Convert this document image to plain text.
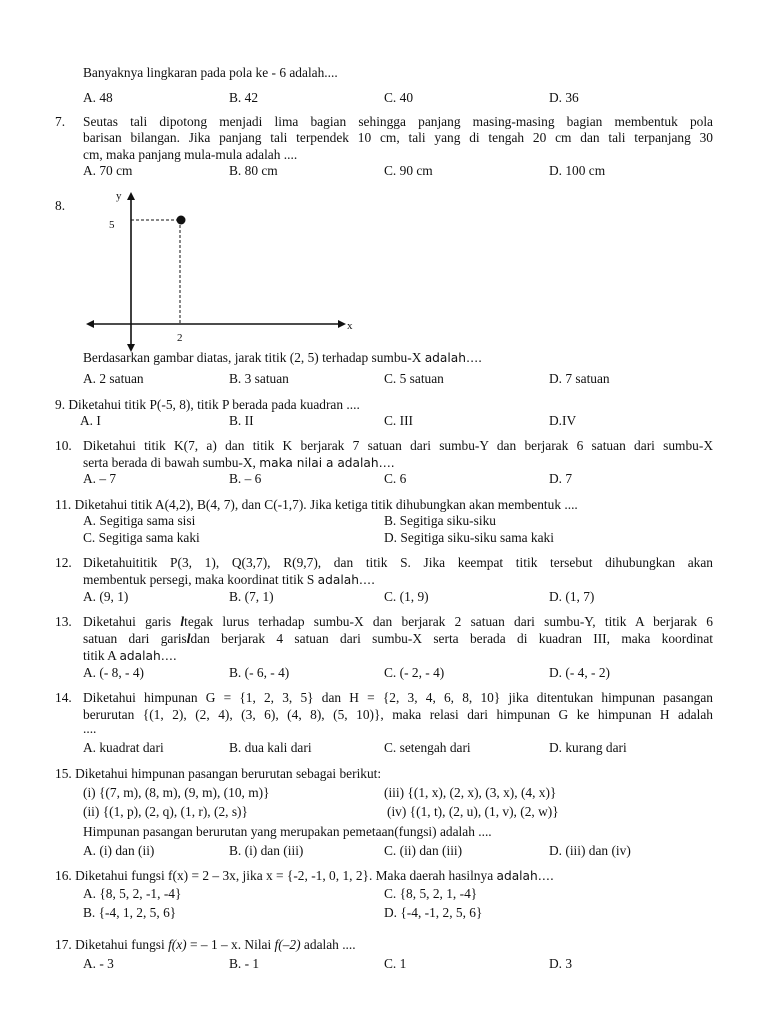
Banyaknya lingkaran pada pola ke - 6 adalah....
A. 48	B. 42	C. 40	D. 36
7. Seutas tali dipotong menjadi lima bagian sehingga panjang masing-masing bagian membentuk pola
barisan bilangan. Jika panjang tali terpendek 10 cm, tali yang di tengah 20 cm dan tali terpanjang 30
cm, maka panjang mula-mula adalah ....
A. 70 cm	B. 80 cm	C. 90 cm	D. 100 cm
8.
y
x
5
2
Berdasarkan gambar diatas, jarak titik (2, 5) terhadap sumbu-X adalah….
A. 2 satuan	B. 3 satuan	C. 5 satuan	D. 7 satuan
9. Diketahui titik P(-5, 8), titik P berada pada kuadran ....
A. I	B. II	C. III	D.IV
10. Diketahui titik K(7, a) dan titik K berjarak 7 satuan dari sumbu-Y dan berjarak 6 satuan dari sumbu-X
serta berada di bawah sumbu-X, maka nilai a adalah….
A. – 7	B. – 6	C. 6	D. 7
11. Diketahui titik A(4,2), B(4, 7), dan C(-1,7). Jika ketiga titik dihubungkan akan membentuk ....
A. Segitiga sama sisi	B. Segitiga siku-siku
C. Segitiga sama kaki	D. Segitiga siku-siku sama kaki
12. Diketahuititik P(3, 1), Q(3,7), R(9,7), dan titik S. Jika keempat titik tersebut dihubungkan akan
membentuk persegi, maka koordinat titik S adalah….
A. (9, 1)	B. (7, 1)	C. (1, 9)	D. (1, 7)
13. Diketahui garis ltegak lurus terhadap sumbu-X dan berjarak 2 satuan dari sumbu-Y, titik A berjarak 6
satuan dari garisldan berjarak 4 satuan dari sumbu-X serta berada di kuadran III, maka koordinat
titik A adalah….
A. (- 8, - 4)	B. (- 6, - 4)	C. (- 2, - 4)	D. (- 4, - 2)
14. Diketahui himpunan G = {1, 2, 3, 5} dan H = {2, 3, 4, 6, 8, 10} jika ditentukan himpunan pasangan
berurutan {(1, 2), (2, 4), (3, 6), (4, 8), (5, 10)}, maka relasi dari himpunan G ke himpunan H adalah
....
A. kuadrat dari	B. dua kali dari	C. setengah dari	D. kurang dari
15. Diketahui himpunan pasangan berurutan sebagai berikut:
(i) {(7, m), (8, m), (9, m), (10, m)}	(iii) {(1, x), (2, x), (3, x), (4, x)}
(ii) {(1, p), (2, q), (1, r), (2, s)}	(iv) {(1, t), (2, u), (1, v), (2, w)}
Himpunan pasangan berurutan yang merupakan pemetaan(fungsi) adalah ....
A. (i) dan (ii)	B. (i) dan (iii)	C. (ii) dan (iii)	D. (iii) dan (iv)
16. Diketahui fungsi f(x) = 2 – 3x, jika x = {-2, -1, 0, 1, 2}. Maka daerah hasilnya adalah….
A. {8, 5, 2, -1, -4}	C. {8, 5, 2, 1, -4}
B. {-4, 1, 2, 5, 6}	D. {-4, -1, 2, 5, 6}
17. Diketahui fungsi f(x) = – 1 – x. Nilai f(–2) adalah ....
A. - 3	B. - 1	C. 1	D. 3
